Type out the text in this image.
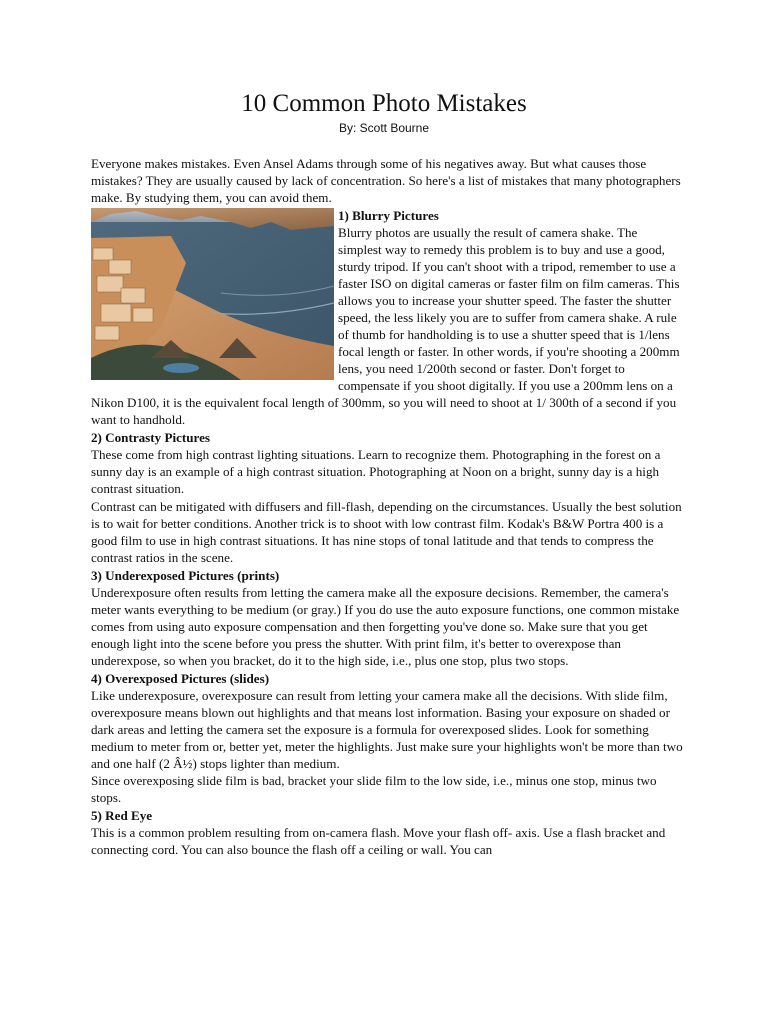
10 Common Photo Mistakes
By: Scott Bourne

Everyone makes mistakes. Even Ansel Adams through some of his negatives away. But what causes those mistakes? They are usually caused by lack of concentration. So here's a list of mistakes that many photographers make. By studying them, you can avoid them.

1) Blurry Pictures

Blurry photos are usually the result of camera shake. The simplest way to remedy this problem is to buy and use a good, sturdy tripod. If you can't shoot with a tripod, remember to use a faster ISO on digital cameras or faster film on film cameras. This allows you to increase your shutter speed. The faster the shutter speed, the less likely you are to suffer from camera shake. A rule of thumb for handholding is to use a shutter speed that is 1/lens focal length or faster. In other words, if you're shooting a 200mm lens, you need 1/200th second or faster. Don't forget to compensate if you shoot digitally. If you use a 200mm lens on a Nikon D100, it is the equivalent focal length of 300mm, so you will need to shoot at 1/ 300th of a second if you want to handhold.

2) Contrasty Pictures

These come from high contrast lighting situations. Learn to recognize them. Photographing in the forest on a sunny day is an example of a high contrast situation. Photographing at Noon on a bright, sunny day is a high contrast situation.

Contrast can be mitigated with diffusers and fill-flash, depending on the circumstances. Usually the best solution is to wait for better conditions. Another trick is to shoot with low contrast film. Kodak's B&W Portra 400 is a good film to use in high contrast situations. It has nine stops of tonal latitude and that tends to compress the contrast ratios in the scene.

3) Underexposed Pictures (prints)

Underexposure often results from letting the camera make all the exposure decisions. Remember, the camera's meter wants everything to be medium (or gray.) If you do use the auto exposure functions, one common mistake comes from using auto exposure compensation and then forgetting you've done so. Make sure that you get enough light into the scene before you press the shutter. With print film, it's better to overexpose than underexpose, so when you bracket, do it to the high side, i.e., plus one stop, plus two stops.

4) Overexposed Pictures (slides)

Like underexposure, overexposure can result from letting your camera make all the decisions. With slide film, overexposure means blown out highlights and that means lost information. Basing your exposure on shaded or dark areas and letting the camera set the exposure is a formula for overexposed slides. Look for something medium to meter from or, better yet, meter the highlights. Just make sure your highlights won't be more than two and one half (2 Â½) stops lighter than medium.

Since overexposing slide film is bad, bracket your slide film to the low side, i.e., minus one stop, minus two stops.

5) Red Eye

This is a common problem resulting from on-camera flash. Move your flash off- axis. Use a flash bracket and connecting cord. You can also bounce the flash off a ceiling or wall. You can
